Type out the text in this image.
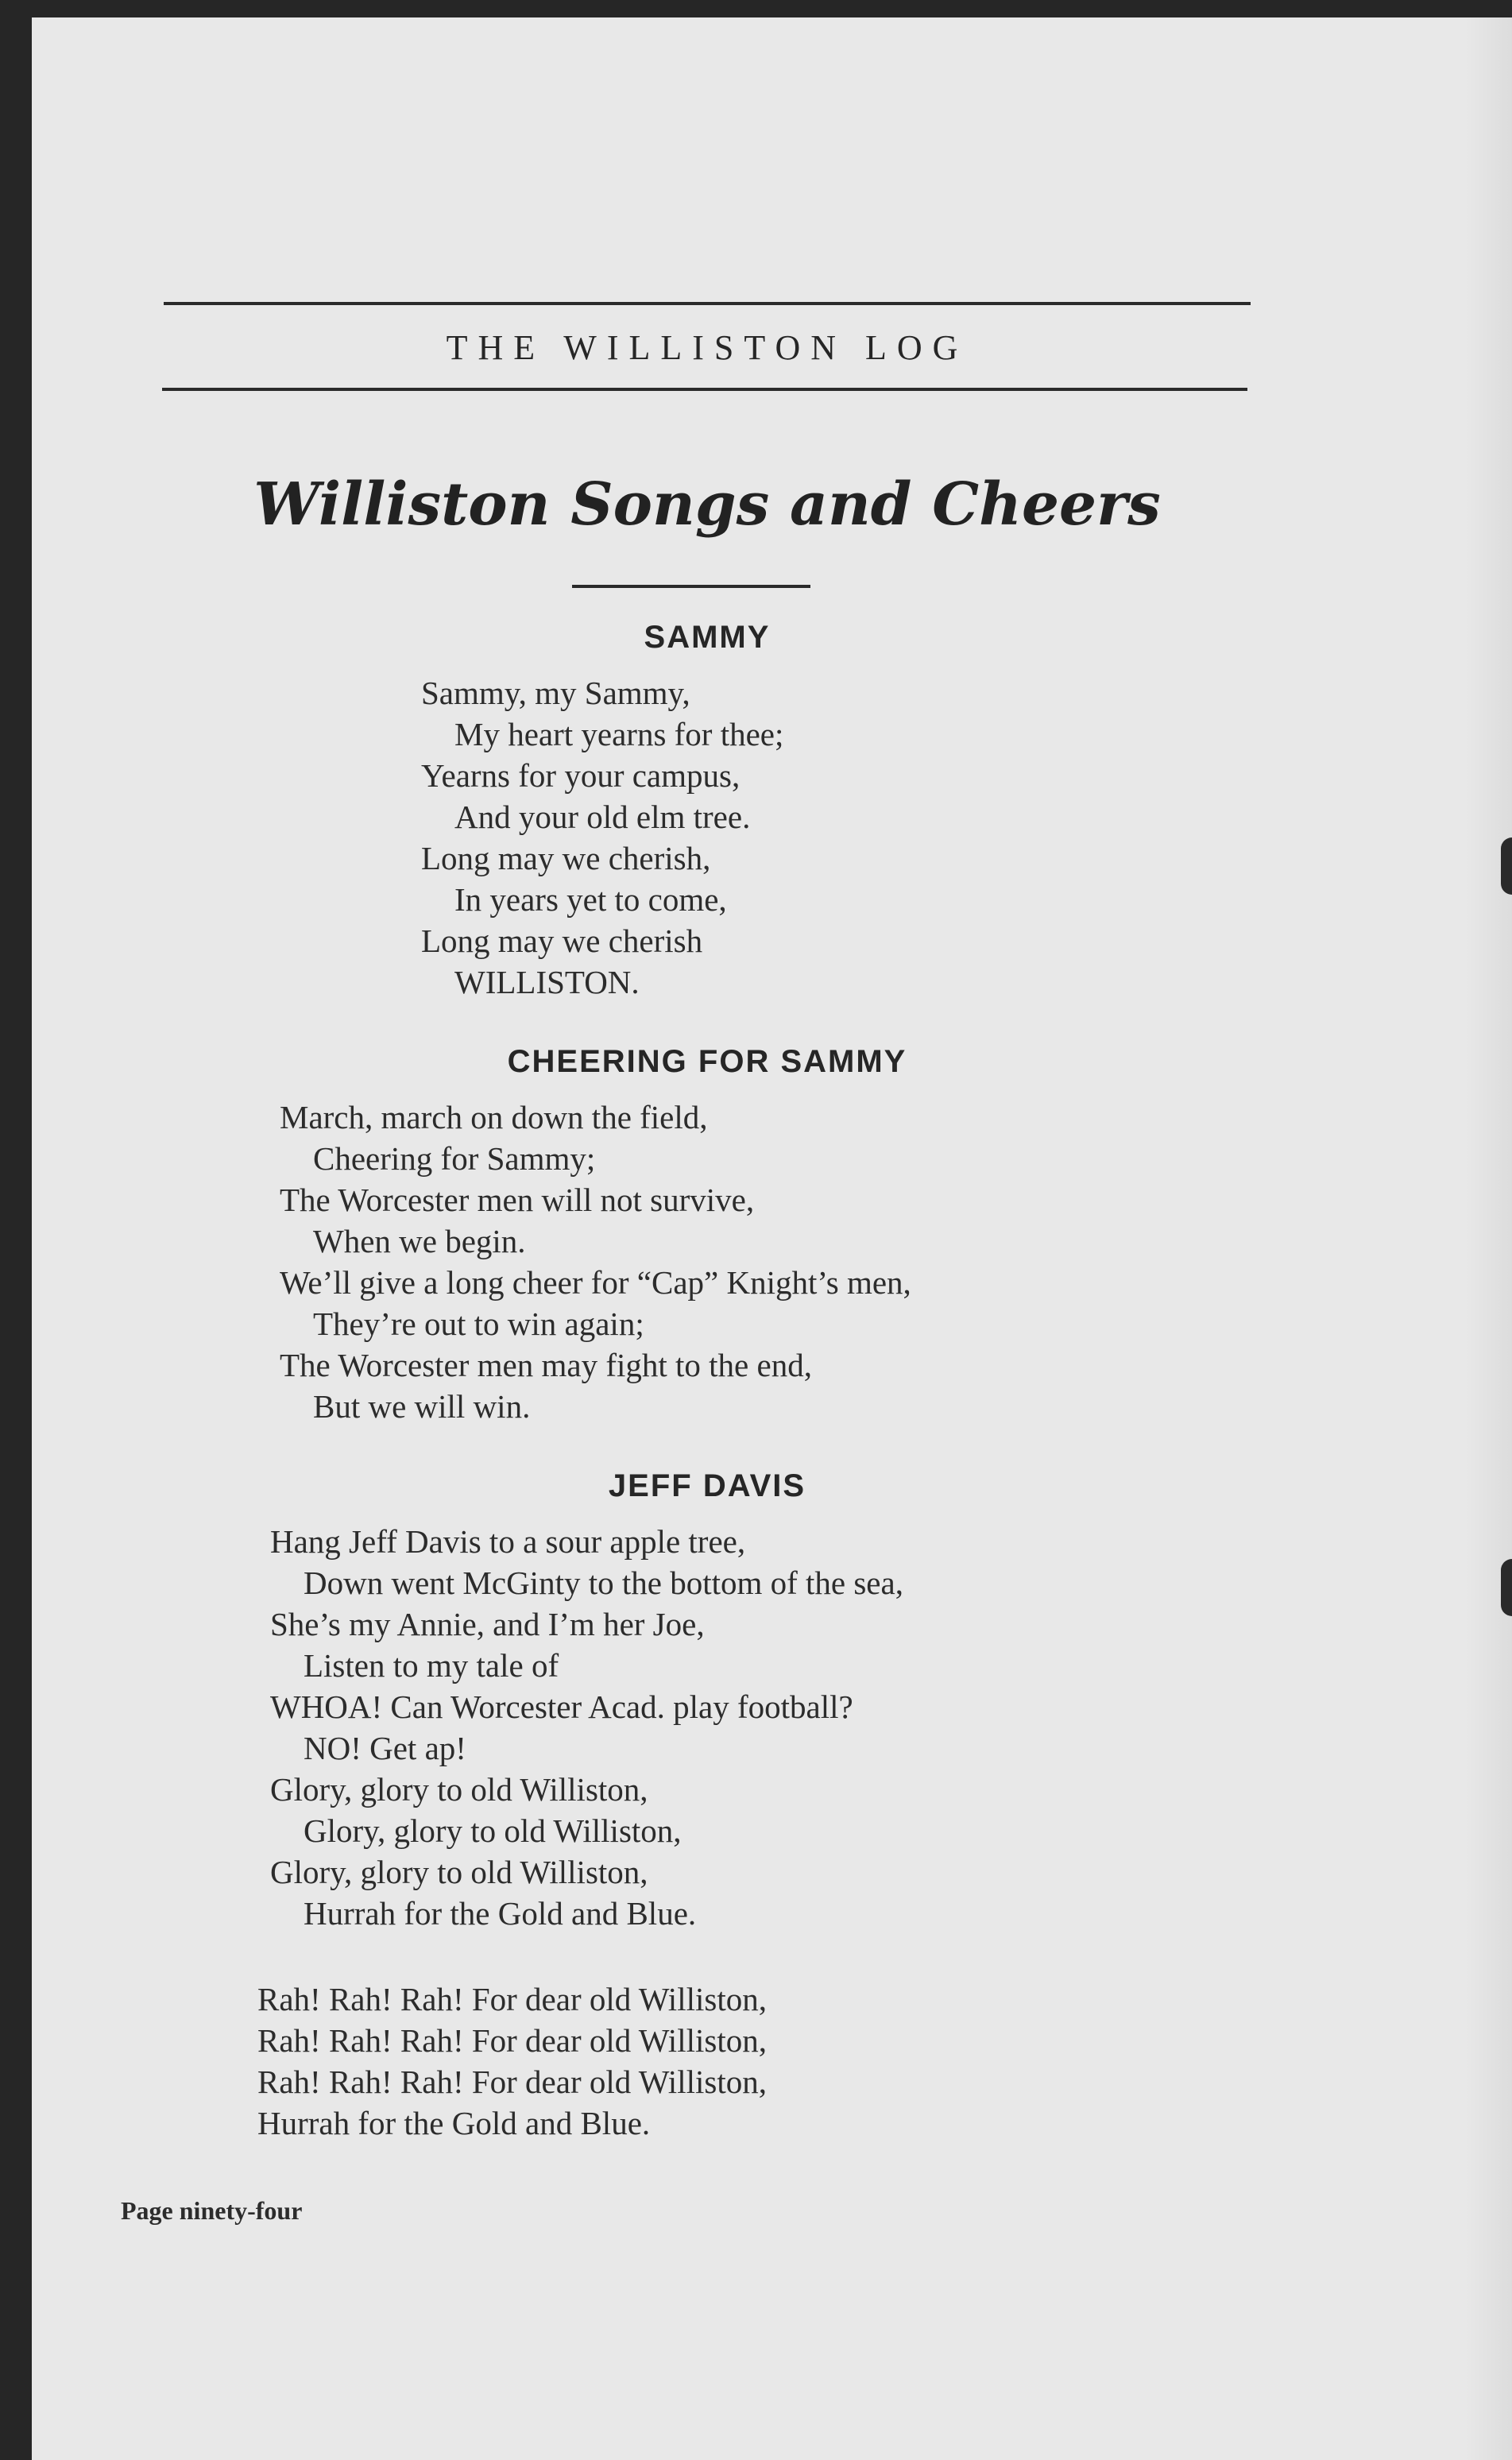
THE WILLISTON LOG
Williston Songs and Cheers
SAMMY
Sammy, my Sammy,
My heart yearns for thee;
Yearns for your campus,
And your old elm tree.
Long may we cherish,
In years yet to come,
Long may we cherish
WILLISTON.
CHEERING FOR SAMMY
March, march on down the field,
Cheering for Sammy;
The Worcester men will not survive,
When we begin.
We’ll give a long cheer for “Cap” Knight’s men,
They’re out to win again;
The Worcester men may fight to the end,
But we will win.
JEFF DAVIS
Hang Jeff Davis to a sour apple tree,
Down went McGinty to the bottom of the sea,
She’s my Annie, and I’m her Joe,
Listen to my tale of
WHOA! Can Worcester Acad. play football?
NO! Get ap!
Glory, glory to old Williston,
Glory, glory to old Williston,
Glory, glory to old Williston,
Hurrah for the Gold and Blue.
Rah! Rah! Rah! For dear old Williston,
Rah! Rah! Rah! For dear old Williston,
Rah! Rah! Rah! For dear old Williston,
Hurrah for the Gold and Blue.
Page ninety-four
